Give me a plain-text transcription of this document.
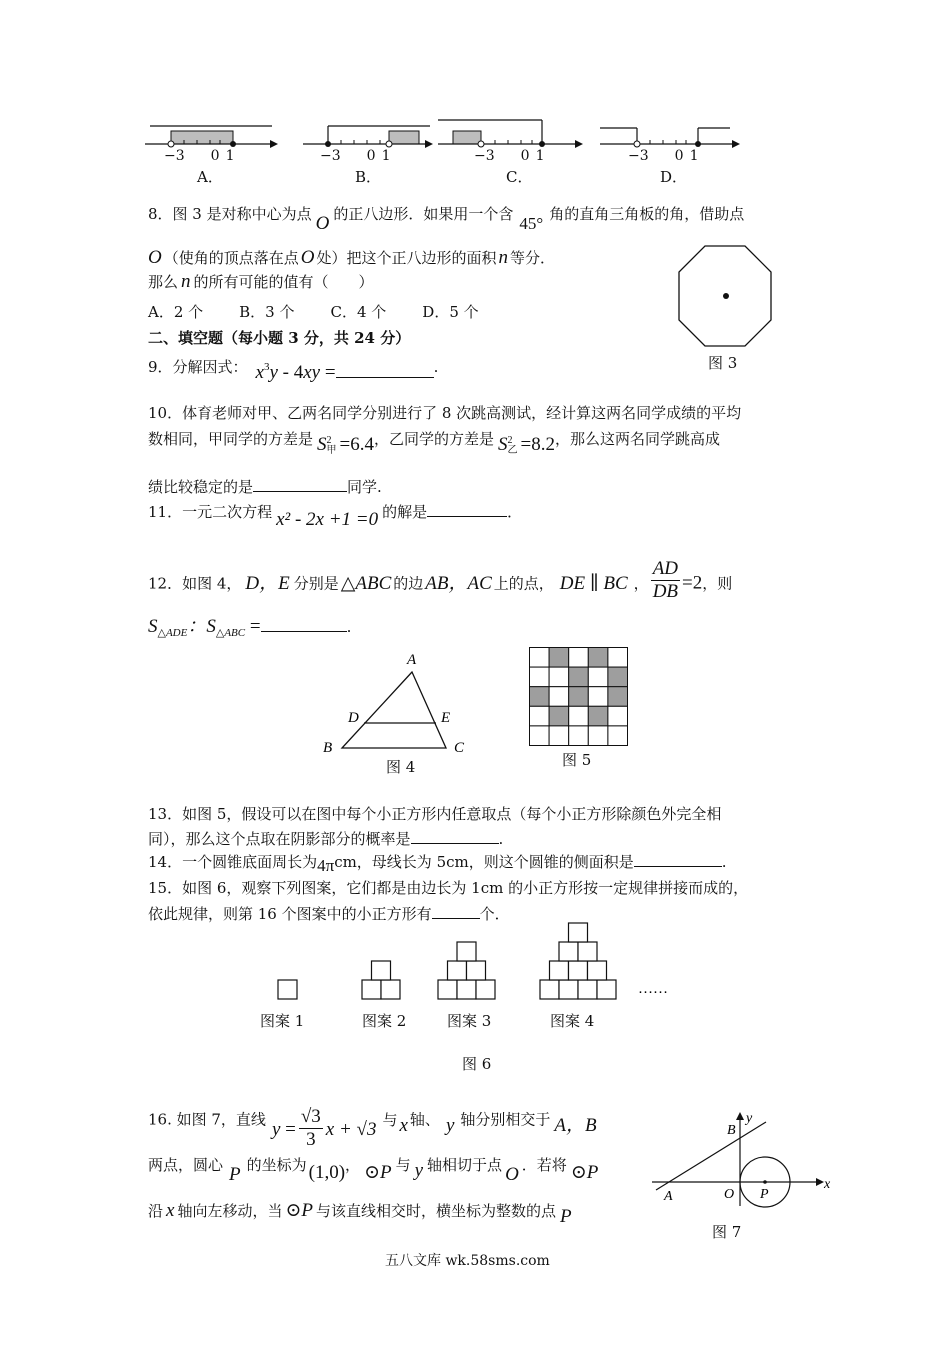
−3 0 1	−3 0 1	−3 0 1	−3 0 1
A．	B．	C．	D．
8．图 3 是对称中心为点 O 的正八边形．如果用一个含 45° 角的直角三角板的角，借助点
O （使角的顶点落在点 O 处）把这个正八边形的面积 n 等分．
那么 n 的所有可能的值有（　　）
A．2 个 B．3 个 C．4 个 D．5 个
图 3
二、填空题（每小题 3 分，共 24 分）
9．分解因式： $x^3y - 4xy$ =	.
10．体育老师对甲、乙两名同学分别进行了 8 次跳高测试，经计算这两名同学成绩的平均
数相同，甲同学的方差是 S 2
甲 =6.4，乙同学的方差是 S 2
乙 =8.2，那么这两名同学跳高成
绩比较稳定的是	同学.
11．一元二次方程 x² - 2x +1 =0 的解是	．
12．如图 4， D，E 分别是 △ABC 的边 AB，AC 上的点， DE ∥ BC ， $\frac{AD}{DB} =2$，则
$S_{\triangle ADE}$：$S_{\triangle ABC}$ =	.
A
B	C
D	E
图 4	图 5
13．如图 5，假设可以在图中每个小正方形内任意取点（每个小正方形除颜色外完全相
同），那么这个点取在阴影部分的概率是	.
14．一个圆锥底面周长为4πcm，母线长为 5cm，则这个圆锥的侧面积是	.
15．如图 6，观察下列图案，它们都是由边长为 1cm 的小正方形按一定规律拼接而成的，
依此规律，则第 16 个图案中的小正方形有	个．
……
图案 1	图案 2	图案 3	图案 4
图 6
16. 如图 7，直线 $y = \frac{√3}{3}$ x + √3 与 x 轴、 y 轴分别相交于 A，B
两点，圆心 P 的坐标为 (1,0)， ⊙P 与 y 轴相切于点 O ．若将 ⊙P
沿 x 轴向左移动，当 ⊙P 与该直线相交时，横坐标为整数的点 P
x
y
B
A	O P
图 7
五八文库 wk.58sms.com
